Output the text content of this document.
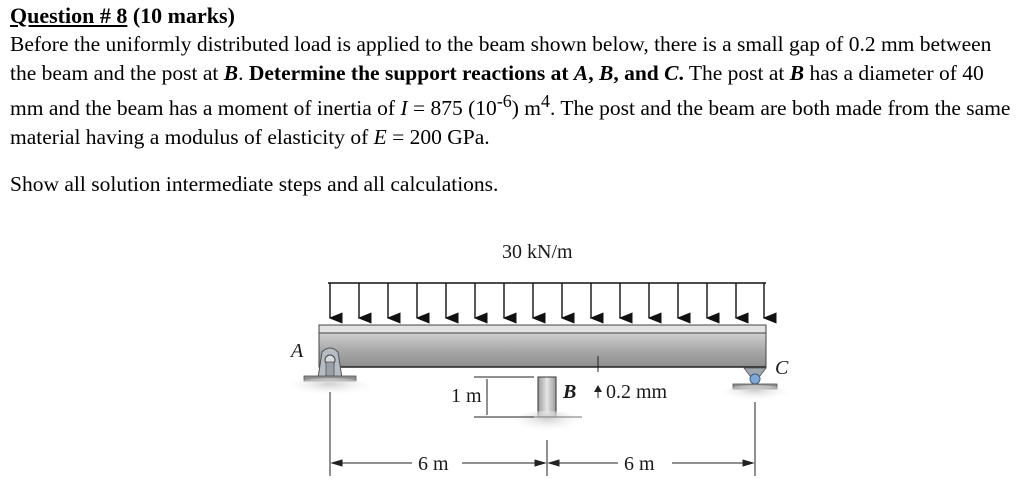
Question # 8 (10 marks)
Before the uniformly distributed load is applied to the beam shown below, there is a small gap of 0.2 mm between the beam and the post at B. Determine the support reactions at A, B, and C. The post at B has a diameter of 40 mm and the beam has a moment of inertia of I = 875 $(10^{-6})$ $m^4$. The post and the beam are both made from the same material having a modulus of elasticity of E = 200 GPa.
Show all solution intermediate steps and all calculations.
30 kN/m
A
C
B 0.2 mm
1 m
6 m	6 m
